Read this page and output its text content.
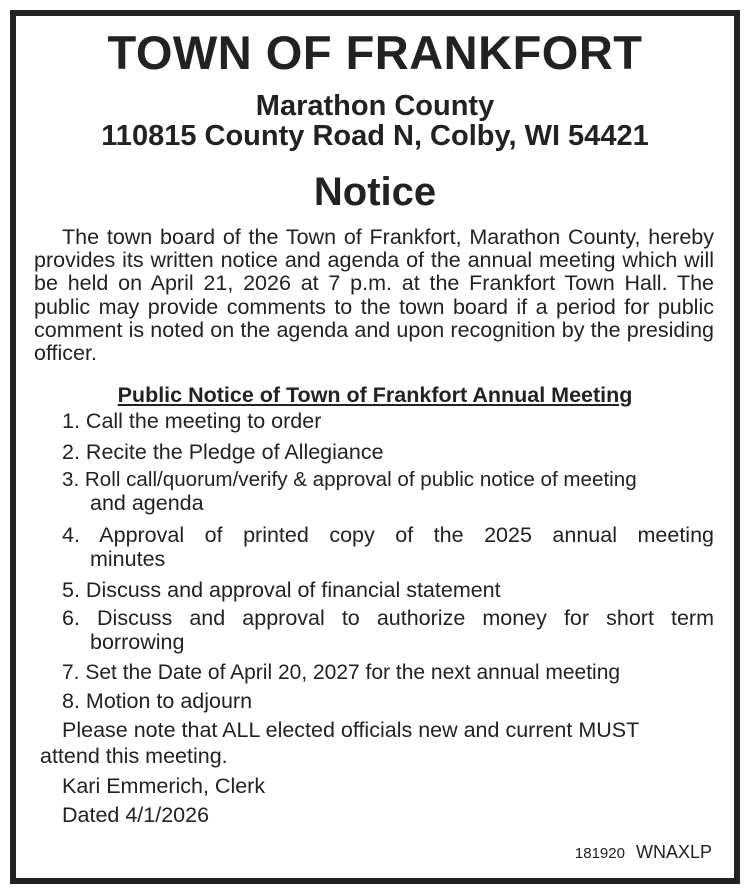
TOWN OF FRANKFORT
Marathon County
110815 County Road N, Colby, WI 54421
Notice
The town board of the Town of Frankfort, Marathon County, hereby provides its written notice and agenda of the annual meeting which will be held on April 21, 2026 at 7 p.m. at the Frankfort Town Hall. The public may provide comments to the town board if a period for public comment is noted on the agenda and upon recognition by the presiding officer.
Public Notice of Town of Frankfort Annual Meeting
1. Call the meeting to order
2. Recite the Pledge of Allegiance
3. Roll call/quorum/verify & approval of public notice of meeting
and agenda
4. Approval of printed copy of the 2025 annual meeting
minutes
5. Discuss and approval of financial statement
6. Discuss and approval to authorize money for short term
borrowing
7. Set the Date of April 20, 2027 for the next annual meeting
8. Motion to adjourn
Please note that ALL elected officials new and current MUST
attend this meeting.
Kari Emmerich, Clerk
Dated 4/1/2026
181920 WNAXLP
